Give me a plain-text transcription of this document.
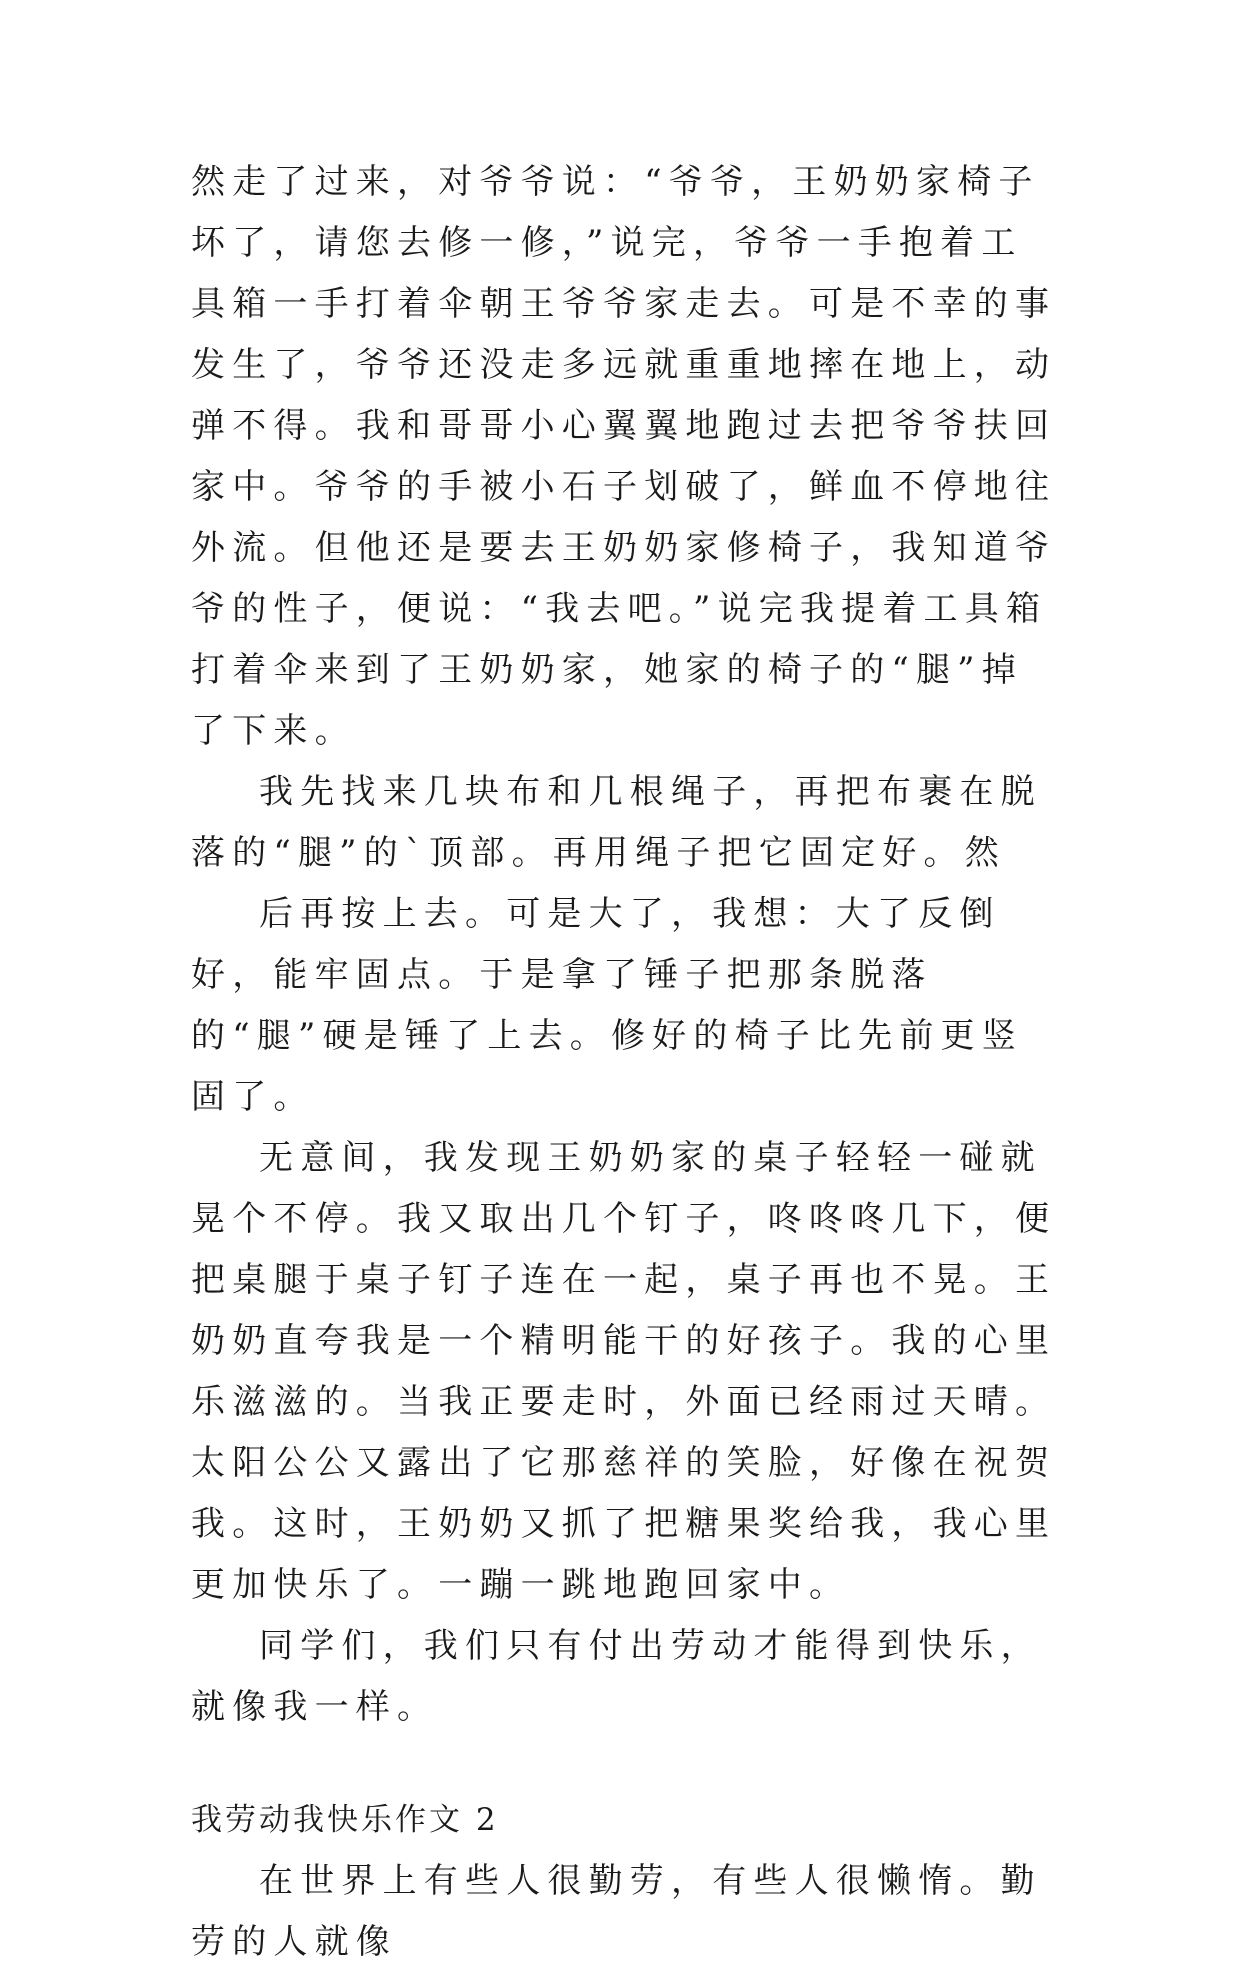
然走了过来，对爷爷说：“爷爷，王奶奶家椅子坏了，请您去修一修，”说完，爷爷一手抱着工具箱一手打着伞朝王爷爷家走去。可是不幸的事发生了，爷爷还没走多远就重重地摔在地上，动弹不得。我和哥哥小心翼翼地跑过去把爷爷扶回家中。爷爷的手被小石子划破了，鲜血不停地往外流。但他还是要去王奶奶家修椅子，我知道爷爷的性子，便说：“我去吧。”说完我提着工具箱打着伞来到了王奶奶家，她家的椅子的“腿”掉了下来。

我先找来几块布和几根绳子，再把布裹在脱落的“腿”的`顶部。再用绳子把它固定好。然

后再按上去。可是大了，我想：大了反倒好，能牢固点。于是拿了锤子把那条脱落的“腿”硬是锤了上去。修好的椅子比先前更竖固了。

无意间，我发现王奶奶家的桌子轻轻一碰就晃个不停。我又取出几个钉子，咚咚咚几下，便把桌腿于桌子钉子连在一起，桌子再也不晃。王奶奶直夸我是一个精明能干的好孩子。我的心里乐滋滋的。当我正要走时，外面已经雨过天晴。太阳公公又露出了它那慈祥的笑脸，好像在祝贺我。这时，王奶奶又抓了把糖果奖给我，我心里更加快乐了。一蹦一跳地跑回家中。

同学们，我们只有付出劳动才能得到快乐，就像我一样。

我劳动我快乐作文 2

在世界上有些人很勤劳，有些人很懒惰。勤劳的人就像
